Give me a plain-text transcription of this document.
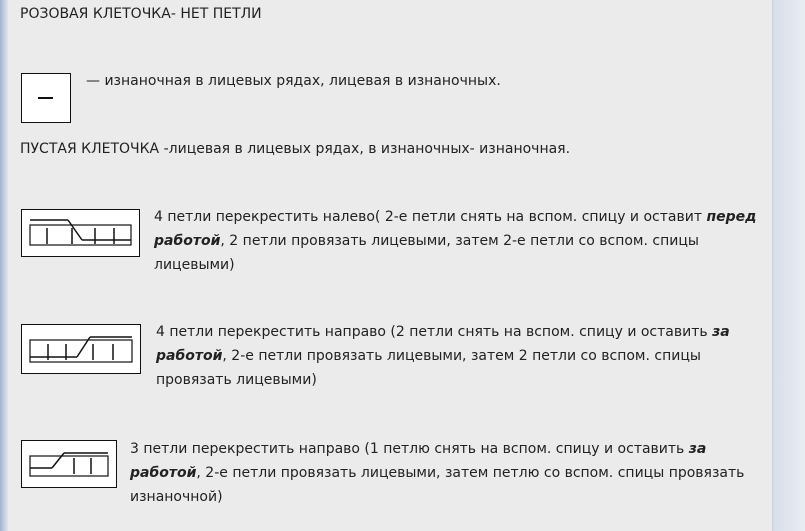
РОЗОВАЯ КЛЕТОЧКА- НЕТ ПЕТЛИ
— изнаночная в лицевых рядах, лицевая в изнаночных.
ПУСТАЯ КЛЕТОЧКА -лицевая в лицевых рядах, в изнаночных- изнаночная.
4 петли перекрестить налево( 2-е петли снять на вспом. спицу и оставит перед работой, 2 петли провязать лицевыми, затем 2-е петли со вспом. спицы лицевыми)
4 петли перекрестить направо (2 петли снять на вспом. спицу и оставить за работой, 2-е петли провязать лицевыми, затем 2 петли со вспом. спицы провязать лицевыми)
3 петли перекрестить направо (1 петлю снять на вспом. спицу и оставить за работой, 2-е петли провязать лицевыми, затем петлю со вспом. спицы провязать изнаночной)
